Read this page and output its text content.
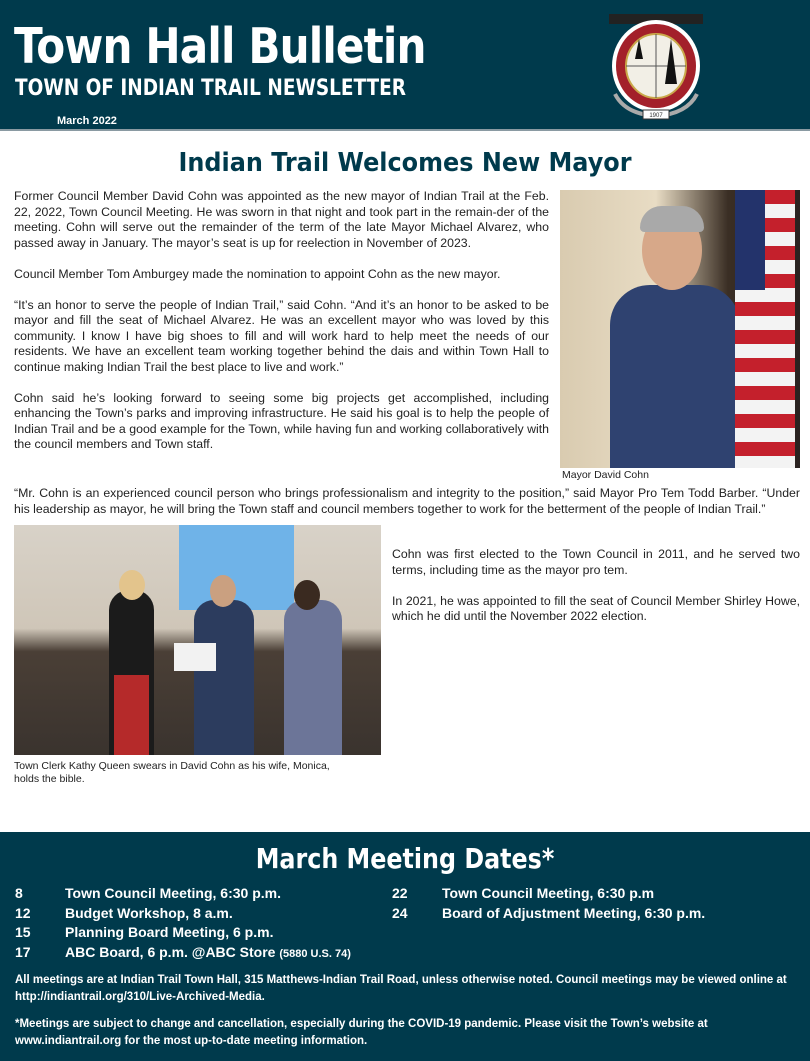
Town Hall Bulletin
TOWN OF INDIAN TRAIL NEWSLETTER
March 2022	1907
Indian Trail Welcomes New Mayor

Former Council Member David Cohn was appointed as the new mayor of Indian Trail at the Feb. 22, 2022, Town Council Meeting. He was sworn in that night and took part in the remain-der of the meeting. Cohn will serve out the remainder of the term of the late Mayor Michael Alvarez, who passed away in January. The mayor’s seat is up for reelection in November of 2023.

Council Member Tom Amburgey made the nomination to appoint Cohn as the new mayor.

“It’s an honor to serve the people of Indian Trail,” said Cohn. “And it’s an honor to be asked to be mayor and fill the seat of Michael Alvarez. He was an excellent mayor who was loved by this community. I know I have big shoes to fill and will work hard to help meet the needs of our residents. We have an excellent team working together behind the dais and within Town Hall to continue making Indian Trail the best place to live and work.”

Cohn said he’s looking forward to seeing some big projects get accomplished, including enhancing the Town’s parks and improving infrastructure. He said his goal is to help the people of Indian Trail and be a good example for the Town, while having fun and working collaboratively with the council members and Town staff.

Mayor David Cohn
“Mr. Cohn is an experienced council person who brings professionalism and integrity to the position,” said Mayor Pro Tem Todd Barber. “Under his leadership as mayor, he will bring the Town staff and council members together to work for the betterment of the people of Indian Trail.”
Town Clerk Kathy Queen swears in David Cohn as his wife, Monica, holds the bible.

Cohn was first elected to the Town Council in 2011, and he served two terms, including time as the mayor pro tem.

In 2021, he was appointed to fill the seat of Council Member Shirley Howe, which he did until the November 2022 election.

March Meeting Dates*
8	Town Council Meeting, 6:30 p.m.
12 Budget Workshop, 8 a.m.
15 Planning Board Meeting, 6 p.m.
17 ABC Board, 6 p.m. @ABC Store (5880 U.S. 74)
22 Town Council Meeting, 6:30 p.m
24 Board of Adjustment Meeting, 6:30 p.m.
All meetings are at Indian Trail Town Hall, 315 Matthews-Indian Trail Road, unless otherwise noted. Council meetings may be viewed online at http://indiantrail.org/310/Live-Archived-Media.
*Meetings are subject to change and cancellation, especially during the COVID-19 pandemic. Please visit the Town’s website at www.indiantrail.org for the most up-to-date meeting information.
